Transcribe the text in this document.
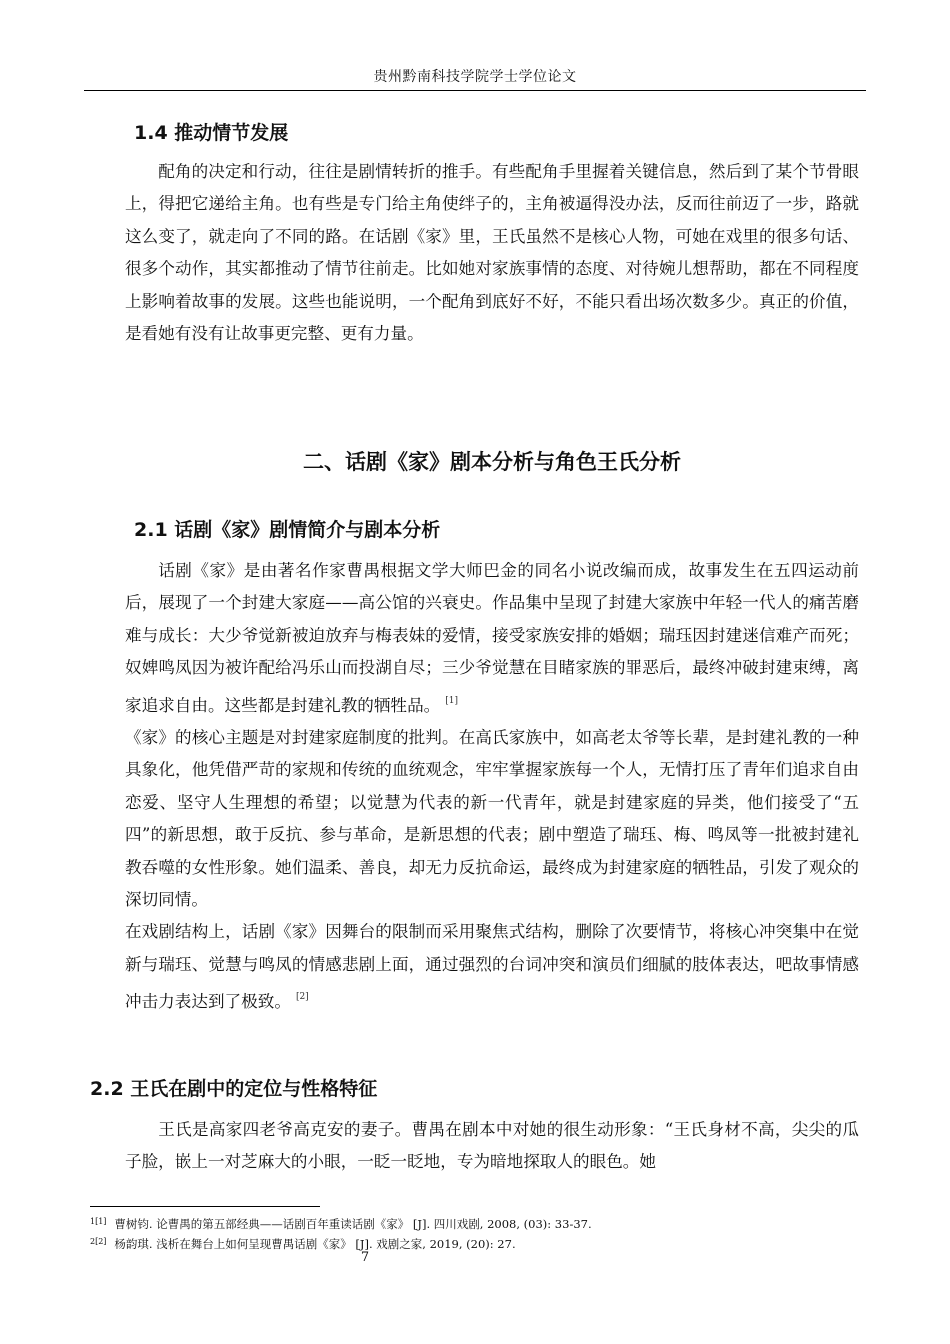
贵州黔南科技学院学士学位论文
1.4 推动情节发展

配角的决定和行动，往往是剧情转折的推手。有些配角手里握着关键信息，然后到了某个节骨眼上，得把它递给主角。也有些是专门给主角使绊子的，主角被逼得没办法，反而往前迈了一步，路就这么变了，就走向了不同的路。在话剧《家》里，王氏虽然不是核心人物，可她在戏里的很多句话、很多个动作，其实都推动了情节往前走。比如她对家族事情的态度、对待婉儿想帮助，都在不同程度上影响着故事的发展。这些也能说明，一个配角到底好不好，不能只看出场次数多少。真正的价值，是看她有没有让故事更完整、更有力量。

二、话剧《家》剧本分析与角色王氏分析
2.1 话剧《家》剧情简介与剧本分析

话剧《家》是由著名作家曹禺根据文学大师巴金的同名小说改编而成，故事发生在五四运动前后，展现了一个封建大家庭——高公馆的兴衰史。作品集中呈现了封建大家族中年轻一代人的痛苦磨难与成长：大少爷觉新被迫放弃与梅表妹的爱情，接受家族安排的婚姻；瑞珏因封建迷信难产而死；奴婢鸣凤因为被许配给冯乐山而投湖自尽；三少爷觉慧在目睹家族的罪恶后，最终冲破封建束缚，离家追求自由。这些都是封建礼教的牺牲品。 [1]

《家》的核心主题是对封建家庭制度的批判。在高氏家族中，如高老太爷等长辈，是封建礼教的一种具象化，他凭借严苛的家规和传统的血统观念，牢牢掌握家族每一个人，无情打压了青年们追求自由恋爱、坚守人生理想的希望；以觉慧为代表的新一代青年，就是封建家庭的异类，他们接受了“五四”的新思想，敢于反抗、参与革命，是新思想的代表；剧中塑造了瑞珏、梅、鸣凤等一批被封建礼教吞噬的女性形象。她们温柔、善良，却无力反抗命运，最终成为封建家庭的牺牲品，引发了观众的深切同情。

在戏剧结构上，话剧《家》因舞台的限制而采用聚焦式结构，删除了次要情节，将核心冲突集中在觉新与瑞珏、觉慧与鸣凤的情感悲剧上面，通过强烈的台词冲突和演员们细腻的肢体表达，吧故事情感冲击力表达到了极致。 [2]

2.2 王氏在剧中的定位与性格特征

王氏是高家四老爷高克安的妻子。曹禺在剧本中对她的很生动形象：“王氏身材不高，尖尖的瓜子脸，嵌上一对芝麻大的小眼，一眨一眨地，专为暗地探取人的眼色。她

$^{1[1]}$ 曹树钧. 论曹禺的第五部经典——话剧百年重读话剧《家》 [J]. 四川戏剧, 2008, (03): 33-37.

$^{2[2]}$ 杨韵琪. 浅析在舞台上如何呈现曹禺话剧《家》 [J]. 戏剧之家, 2019, (20): 27.

7
